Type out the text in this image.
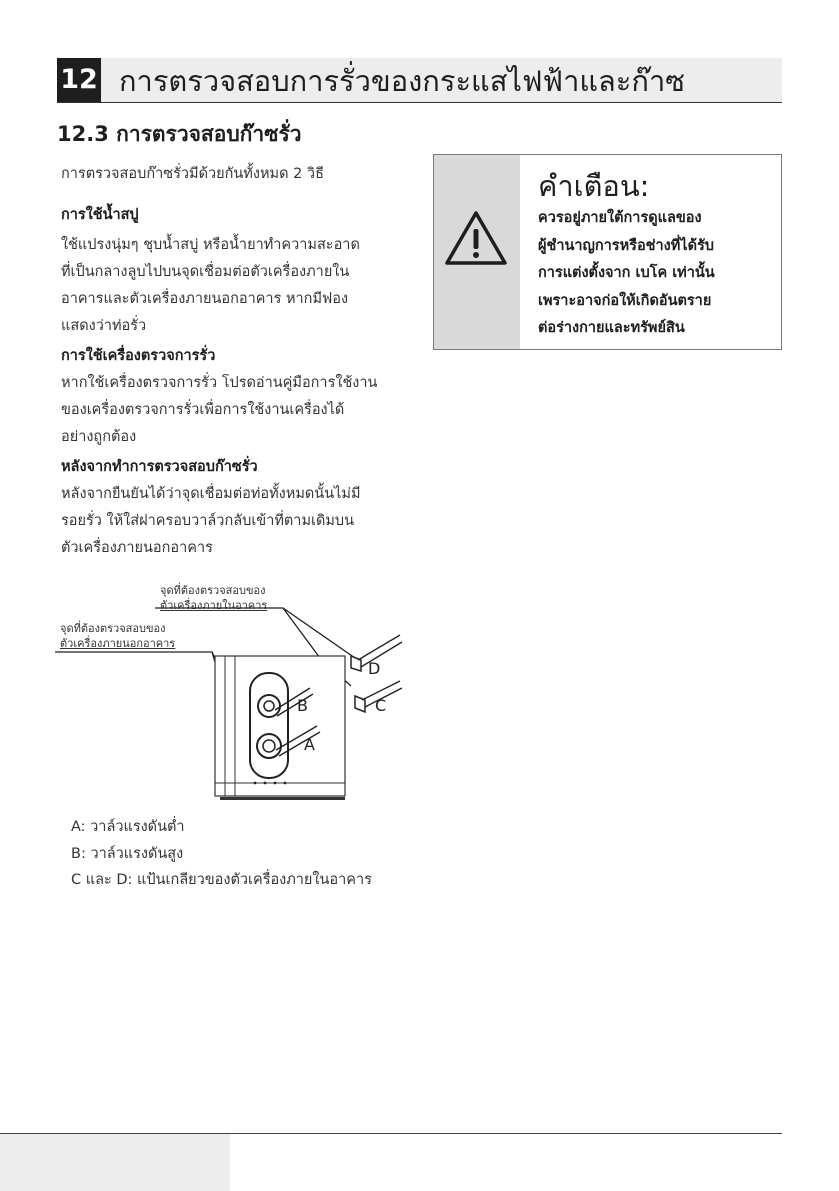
12 การตรวจสอบการรั่วของกระแสไฟฟ้าและก๊าซ
12.3 การตรวจสอบก๊าซรั่ว

การตรวจสอบก๊าซรั่วมีด้วยกันทั้งหมด 2 วิธี

การใช้น้ำสบู่

ใช้แปรงนุ่มๆ ชุบน้ำสบู่ หรือน้ำยาทำความสะอาด

ที่เป็นกลางลูบไปบนจุดเชื่อมต่อตัวเครื่องภายใน

อาคารและตัวเครื่องภายนอกอาคาร หากมีฟอง

แสดงว่าท่อรั่ว

การใช้เครื่องตรวจการรั่ว

หากใช้เครื่องตรวจการรั่ว โปรดอ่านคู่มือการใช้งาน

ของเครื่องตรวจการรั่วเพื่อการใช้งานเครื่องได้

อย่างถูกต้อง

หลังจากทำการตรวจสอบก๊าซรั่ว

หลังจากยืนยันได้ว่าจุดเชื่อมต่อท่อทั้งหมดนั้นไม่มี

รอยรั่ว ให้ใส่ฝาครอบวาล์วกลับเข้าที่ตามเดิมบน

ตัวเครื่องภายนอกอาคาร

คำเตือน:

ควรอยู่ภายใต้การดูแลของ
ผู้ชำนาญการหรือช่างที่ได้รับ
การแต่งตั้งจาก เบโค เท่านั้น
เพราะอาจก่อให้เกิดอันตราย
ต่อร่างกายและทรัพย์สิน

จุดที่ต้องตรวจสอบของ
ตัวเครื่องภายในอาคาร
จุดที่ต้องตรวจสอบของ
ตัวเครื่องภายนอกอาคาร
D
C
B
A

A: วาล์วแรงดันต่ำ

B: วาล์วแรงดันสูง

C และ D: แป้นเกลียวของตัวเครื่องภายในอาคาร
